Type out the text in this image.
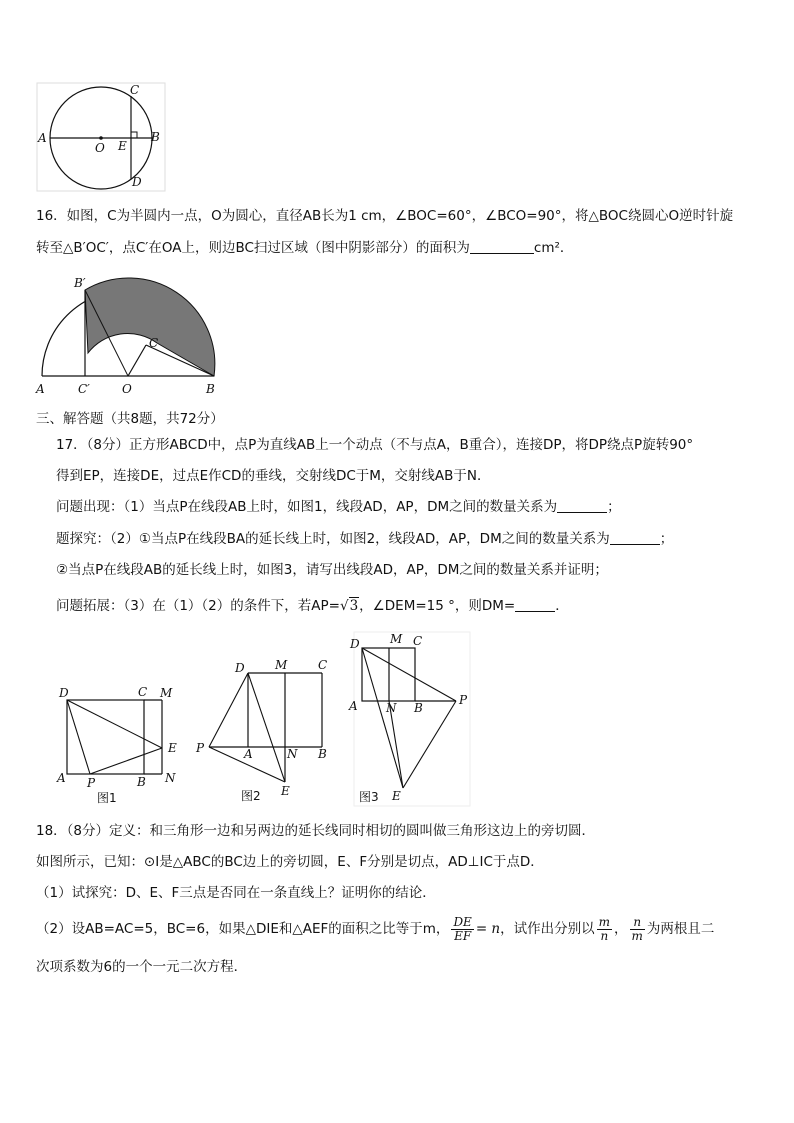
A	B
C
D
O E
16．如图，C为半圆内一点，O为圆心，直径AB长为1 cm，∠BOC=60°，∠BCO=90°，将△BOC绕圆心O逆时针旋
转至△B′OC′，点C′在OA上，则边BC扫过区域（图中阴影部分）的面积为	cm²．
B′
C
A	C′	O	B
三、解答题（共8题，共72分）
17．（8分）正方形ABCD中，点P为直线AB上一个动点（不与点A，B重合），连接DP，将DP绕点P旋转90°
得到EP，连接DE，过点E作CD的垂线，交射线DC于M，交射线AB于N．
问题出现：（1）当点P在线段AB上时，如图1，线段AD，AP，DM之间的数量关系为	；
题探究：（2）①当点P在线段BA的延长线上时，如图2，线段AD，AP，DM之间的数量关系为	；
②当点P在线段AB的延长线上时，如图3，请写出线段AD，AP，DM之间的数量关系并证明；
问题拓展：（3）在（1）（2）的条件下，若AP=√3，∠DEM=15 °，则DM=	．
D	C M
E
A P	B N
图1
D	M	C
P	A	N B
E
图2
D	M C
A N B
P
E
图3
18．（8分）定义：和三角形一边和另两边的延长线同时相切的圆叫做三角形这边上的旁切圆．
如图所示，已知：⊙I是△ABC的BC边上的旁切圆，E、F分别是切点，AD⊥IC于点D．
（1）试探究：D、E、F三点是否同在一条直线上？证明你的结论．
（2）设AB=AC=5，BC=6，如果△DIE和△AEF的面积之比等于m， $\frac{DE}{EF} = n$，试作出分别以 $\frac{m}{n}$ ， $\frac{n}{m}$ 为两根且二
次项系数为6的一个一元二次方程．
